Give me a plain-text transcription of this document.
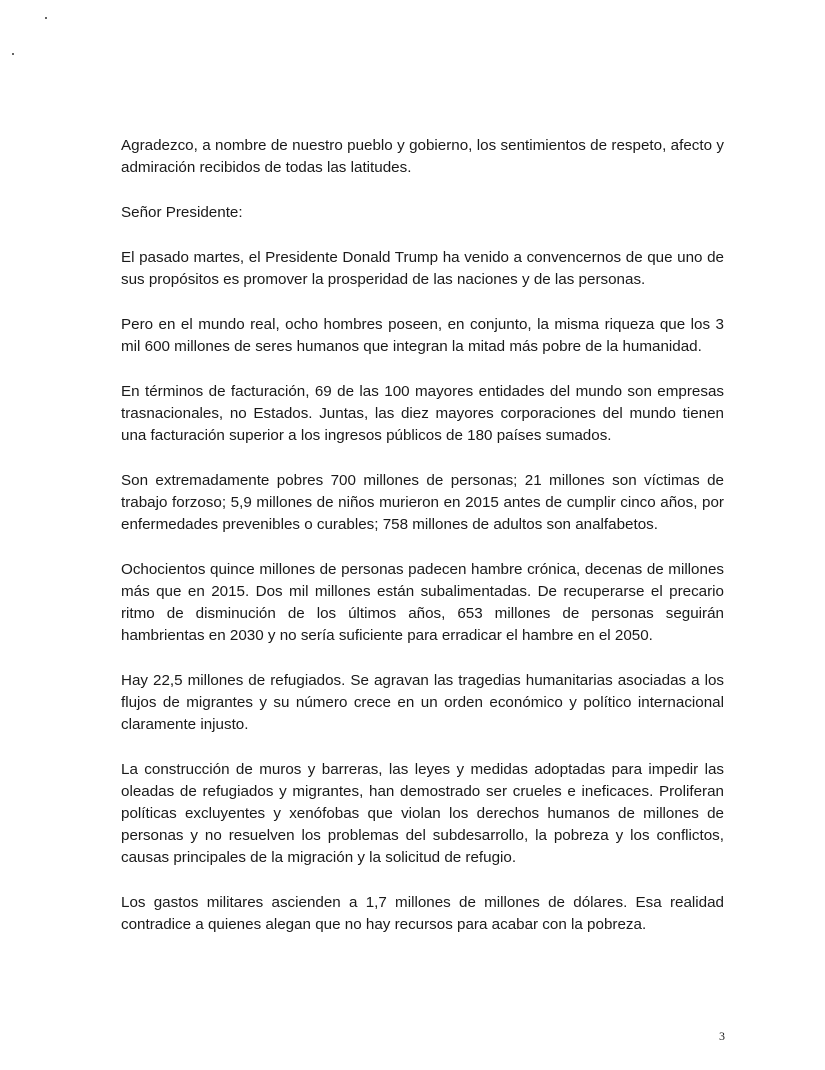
Agradezco, a nombre de nuestro pueblo y gobierno, los sentimientos de respeto, afecto y admiración recibidos de todas las latitudes.

Señor Presidente:

El pasado martes, el Presidente Donald Trump ha venido a convencernos de que uno de sus propósitos es promover la prosperidad de las naciones y de las personas.

Pero en el mundo real, ocho hombres poseen, en conjunto, la misma riqueza que los 3 mil 600 millones de seres humanos que integran la mitad más pobre de la humanidad.

En términos de facturación, 69 de las 100 mayores entidades del mundo son empresas trasnacionales, no Estados. Juntas, las diez mayores corporaciones del mundo tienen una facturación superior a los ingresos públicos de 180 países sumados.

Son extremadamente pobres 700 millones de personas; 21 millones son víctimas de trabajo forzoso; 5,9 millones de niños murieron en 2015 antes de cumplir cinco años, por enfermedades prevenibles o curables; 758 millones de adultos son analfabetos.

Ochocientos quince millones de personas padecen hambre crónica, decenas de millones más que en 2015. Dos mil millones están subalimentadas. De recuperarse el precario ritmo de disminución de los últimos años, 653 millones de personas seguirán hambrientas en 2030 y no sería suficiente para erradicar el hambre en el 2050.

Hay 22,5 millones de refugiados. Se agravan las tragedias humanitarias asociadas a los flujos de migrantes y su número crece en un orden económico y político internacional claramente injusto.

La construcción de muros y barreras, las leyes y medidas adoptadas para impedir las oleadas de refugiados y migrantes, han demostrado ser crueles e ineficaces. Proliferan políticas excluyentes y xenófobas que violan los derechos humanos de millones de personas y no resuelven los problemas del subdesarrollo, la pobreza y los conflictos, causas principales de la migración y la solicitud de refugio.

Los gastos militares ascienden a 1,7 millones de millones de dólares. Esa realidad contradice a quienes alegan que no hay recursos para acabar con la pobreza.

3
